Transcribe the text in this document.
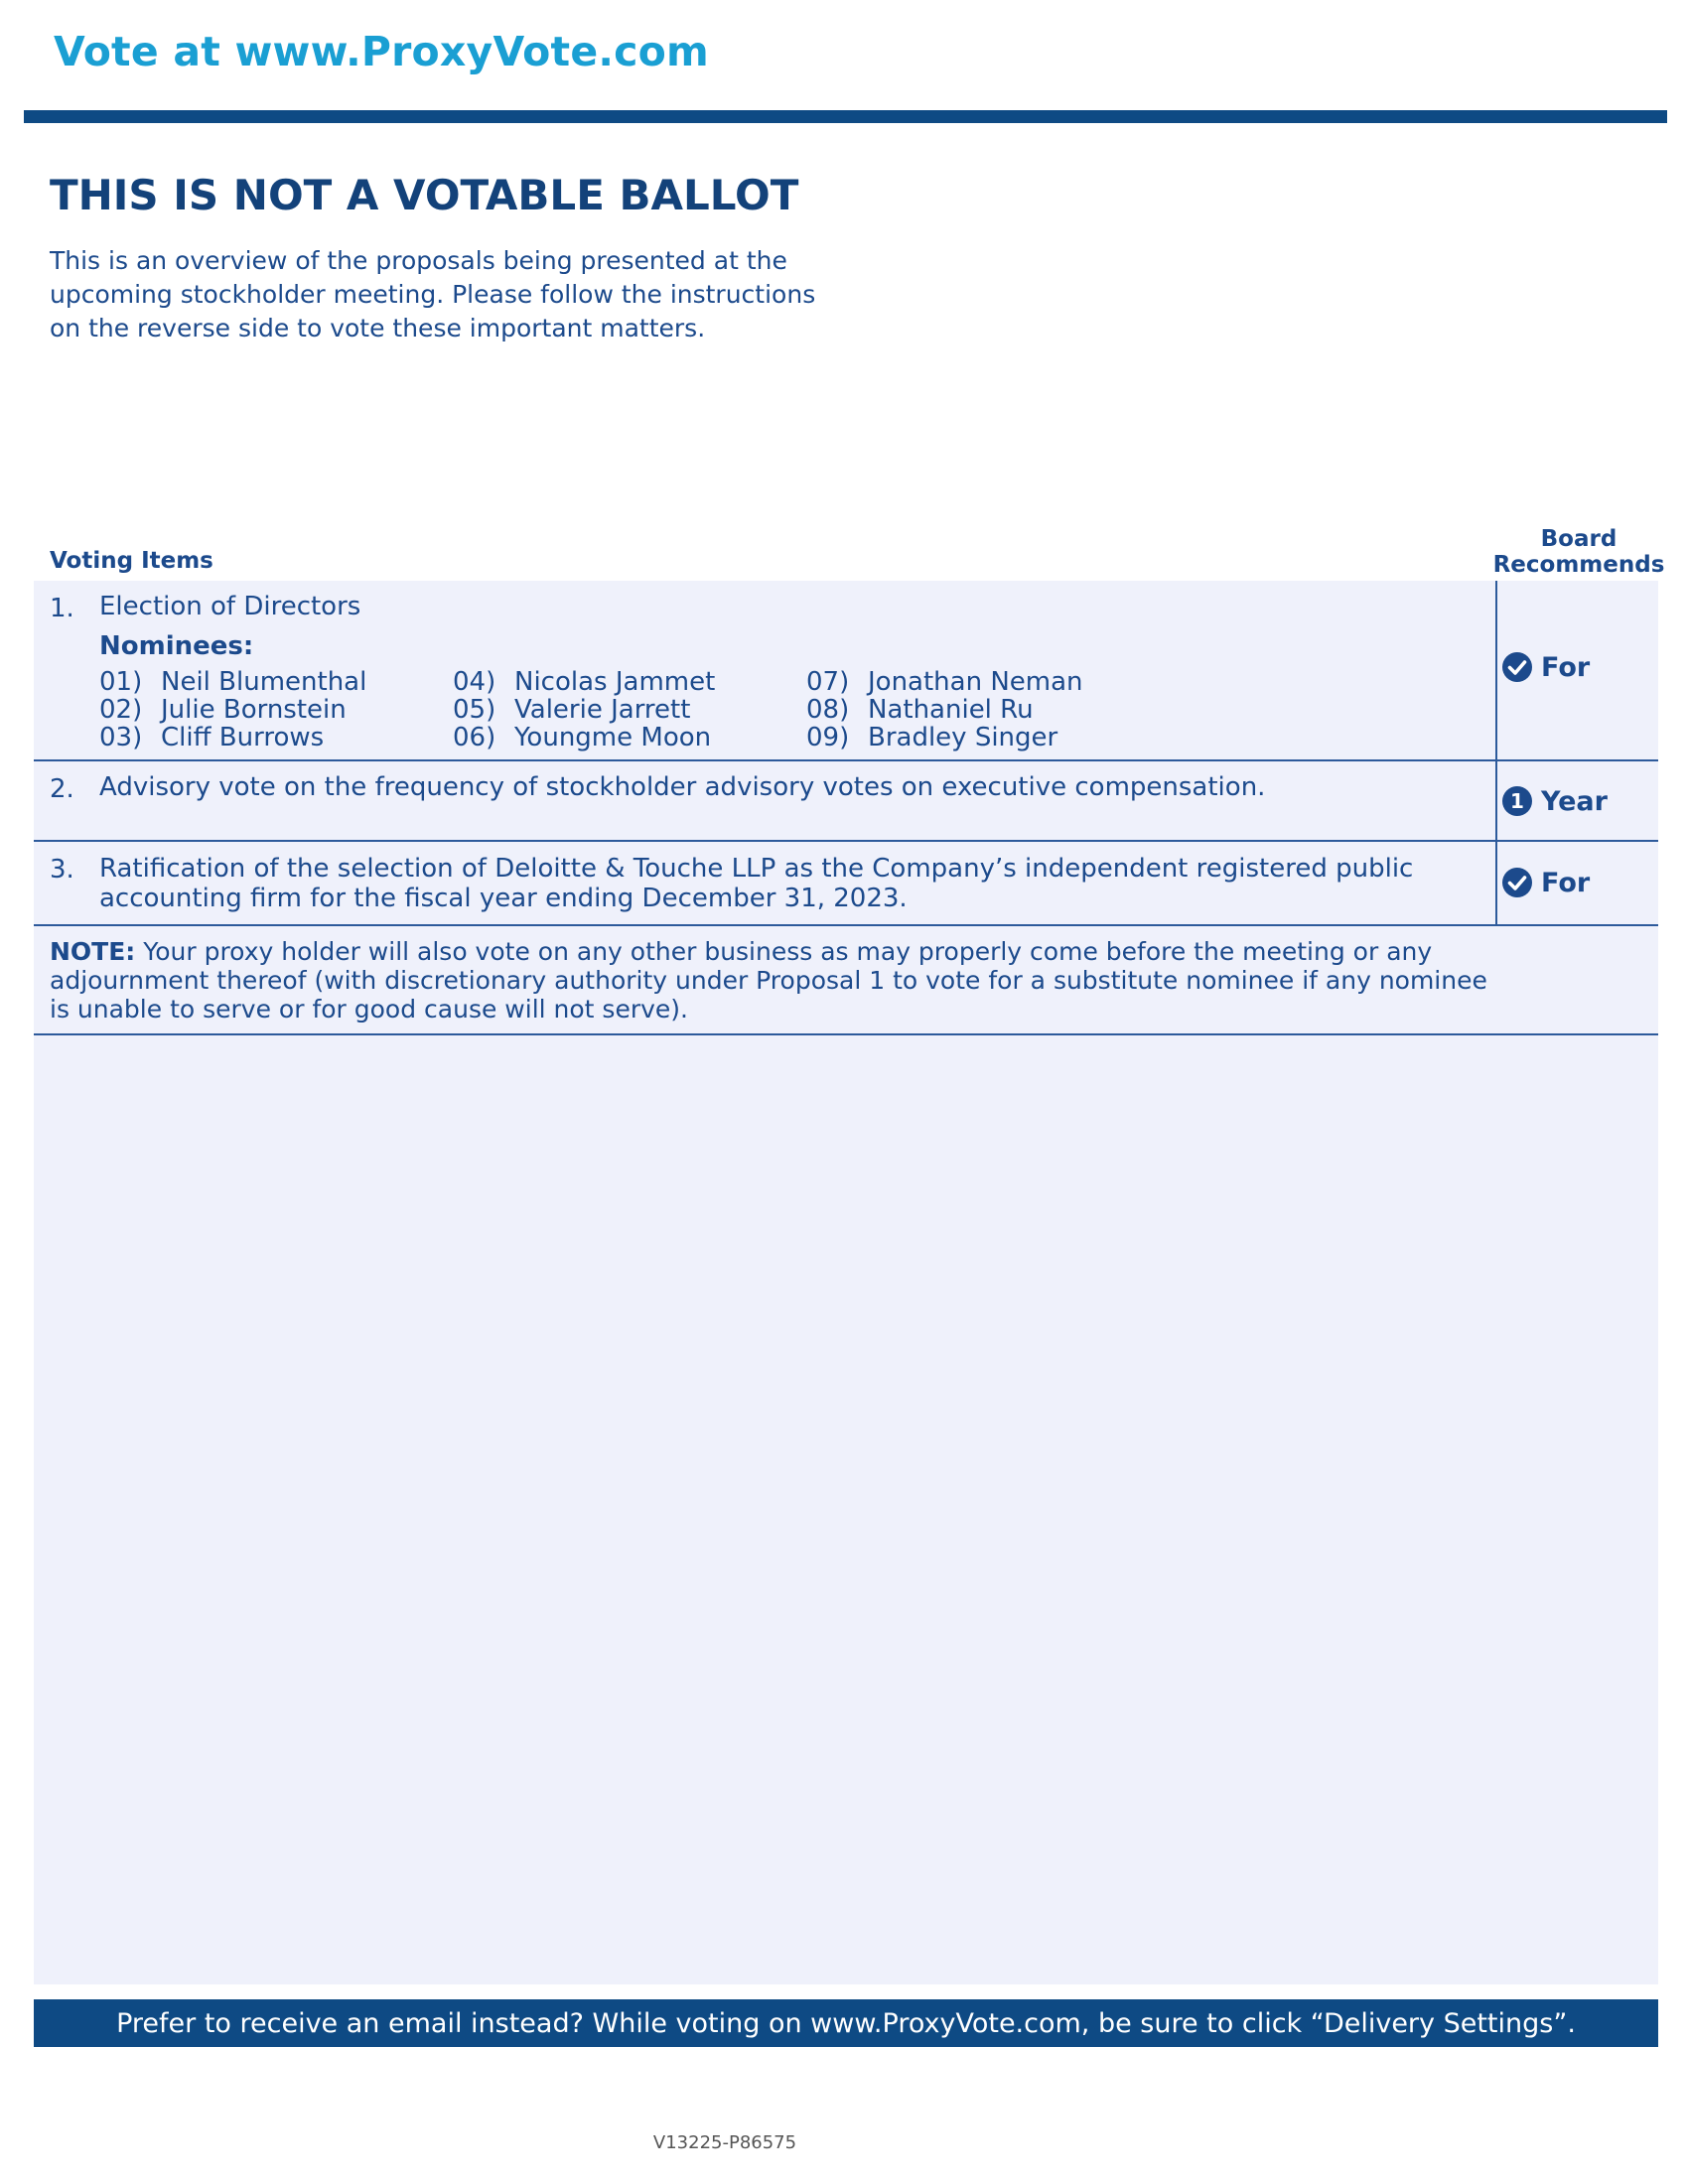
Vote at www.ProxyVote.com
THIS IS NOT A VOTABLE BALLOT
This is an overview of the proposals being presented at the upcoming stockholder meeting. Please follow the instructions on the reverse side to vote these important matters.
Voting Items
Board Recommends
1. Election of Directors
Nominees:
01) Neil Blumenthal
02) Julie Bornstein
03) Cliff Burrows
04) Nicolas Jammet
05) Valerie Jarrett
06) Youngme Moon
07) Jonathan Neman
08) Nathaniel Ru
09) Bradley Singer
For
2. Advisory vote on the frequency of stockholder advisory votes on executive compensation.	1 Year
3. Ratification of the selection of Deloitte & Touche LLP as the Company’s independent registered public accounting firm for the fiscal year ending December 31, 2023.
For
NOTE: Your proxy holder will also vote on any other business as may properly come before the meeting or any adjournment thereof (with discretionary authority under Proposal 1 to vote for a substitute nominee if any nominee is unable to serve or for good cause will not serve).
Prefer to receive an email instead? While voting on www.ProxyVote.com, be sure to click “Delivery Settings”.
V13225-P86575
